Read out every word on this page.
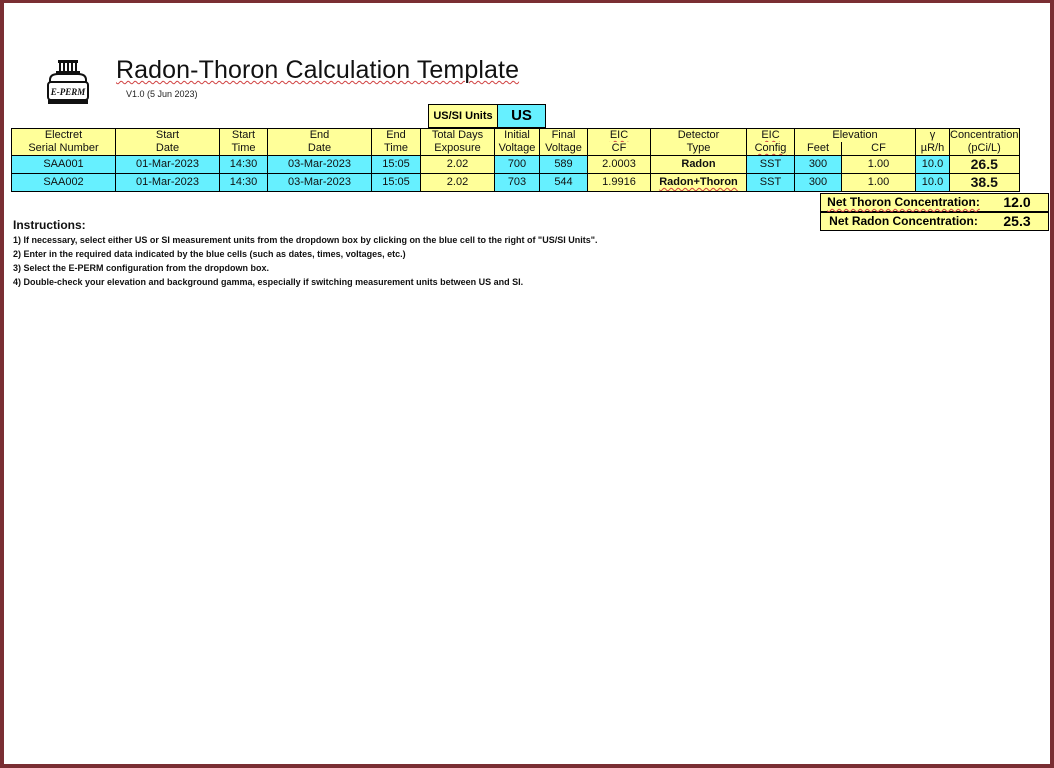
E-PERM
Radon-Thoron Calculation Template
V1.0 (5 Jun 2023)
US/SI Units	US
Electret	Start	Start	End	End	Total Days	Initial	Final	EIC	Detector	EIC	Elevation		γ	Concentration
Serial Number	Date	Time	Date	Time	Exposure	Voltage	Voltage	CF	Type	Config	Feet	CF	µR/h	(pCi/L)
SAA001	01-Mar-2023	14:30	03-Mar-2023	15:05	2.02	700	589	2.0003	Radon	SST	300	1.00	10.0	26.5
SAA002	01-Mar-2023	14:30	03-Mar-2023	15:05	2.02	703	544	1.9916	Radon+Thoron	SST	300	1.00	10.0	38.5
Net Thoron Concentration:	12.0
Net Radon Concentration:	25.3
Instructions:

1) If necessary, select either US or SI measurement units from the dropdown box by clicking on the blue cell to the right of "US/SI Units".

2) Enter in the required data indicated by the blue cells (such as dates, times, voltages, etc.)

3) Select the E-PERM configuration from the dropdown box.

4) Double-check your elevation and background gamma, especially if switching measurement units between US and SI.
